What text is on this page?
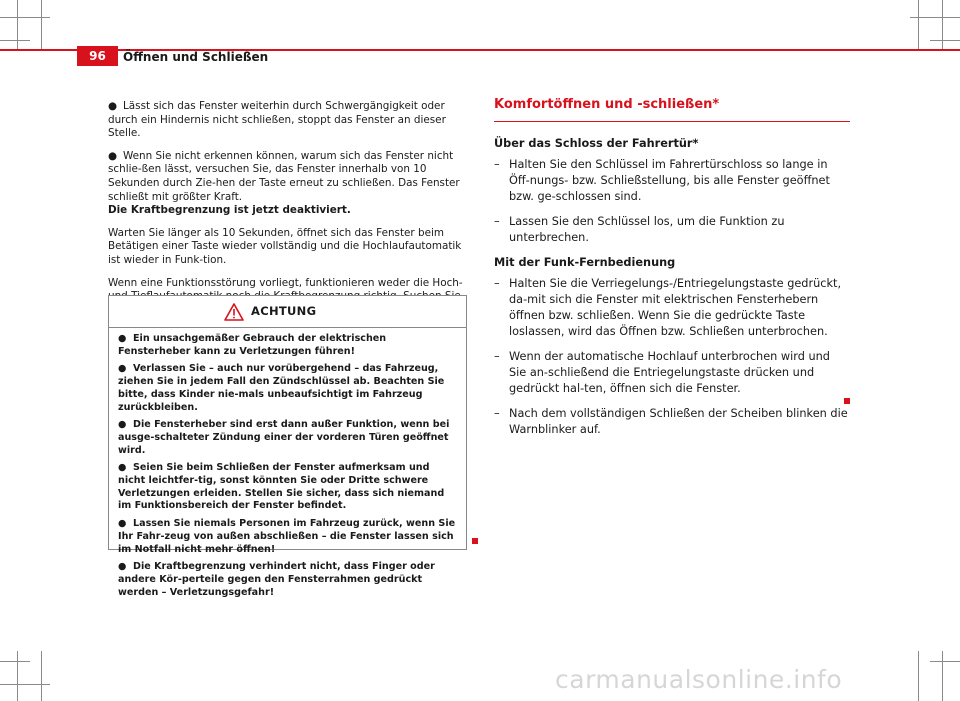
96	Öffnen und Schließen

● Lässt sich das Fenster weiterhin durch Schwergängigkeit oder durch ein Hindernis nicht schließen, stoppt das Fenster an dieser Stelle.

● Wenn Sie nicht erkennen können, warum sich das Fenster nicht schlie-ßen lässt, versuchen Sie, das Fenster innerhalb von 10 Sekunden durch Zie-hen der Taste erneut zu schließen. Das Fenster schließt mit größter Kraft.
Die Kraftbegrenzung ist jetzt deaktiviert.

Warten Sie länger als 10 Sekunden, öffnet sich das Fenster beim Betätigen einer Taste wieder vollständig und die Hochlaufautomatik ist wieder in Funk-tion.

Wenn eine Funktionsstörung vorliegt, funktionieren weder die Hoch-

ACHTUNG

● Ein unsachgemäßer Gebrauch der elektrischen Fensterheber kann zu Verletzungen führen!

● Verlassen Sie – auch nur vorübergehend – das Fahrzeug, ziehen Sie in jedem Fall den Zündschlüssel ab. Beachten Sie bitte, dass Kinder nie-mals unbeaufsichtigt im Fahrzeug zurückbleiben.

● Die Fensterheber sind erst dann außer Funktion, wenn bei ausge-schalteter Zündung einer der vorderen Türen geöffnet wird.

● Seien Sie beim Schließen der Fenster aufmerksam und nicht leichtfer-tig, sonst könnten Sie oder Dritte schwere Verletzungen erleiden. Stellen Sie sicher, dass sich niemand im Funktionsbereich der Fenster befindet.

● Lassen Sie niemals Personen im Fahrzeug zurück, wenn Sie Ihr Fahr-zeug von außen abschließen – die Fenster lassen sich im Notfall nicht mehr öffnen!

● Die Kraftbegrenzung verhindert nicht, dass Finger oder andere Kör-perteile gegen den Fensterrahmen gedrückt werden – Verletzungsgefahr!

Komfortöffnen und -schließen*
Über das Schloss der Fahrertür*

– Halten Sie den Schlüssel im Fahrertürschloss so lange in Öff-nungs- bzw. Schließstellung, bis alle Fenster geöffnet bzw. ge-schlossen sind.

– Lassen Sie den Schlüssel los, um die Funktion zu unterbrechen.

Mit der Funk-Fernbedienung

– Halten Sie die Verriegelungs-/Entriegelungstaste gedrückt, da-mit sich die Fenster mit elektrischen Fensterhebern öffnen bzw. schließen. Wenn Sie die gedrückte Taste loslassen, wird das Öffnen bzw. Schließen unterbrochen.

– Wenn der automatische Hochlauf unterbrochen wird und Sie an-schließend die Entriegelungstaste drücken und gedrückt hal-ten, öffnen sich die Fenster.

– Nach dem vollständigen Schließen der Scheiben blinken die Warnblinker auf.

carmanualsonline.info
